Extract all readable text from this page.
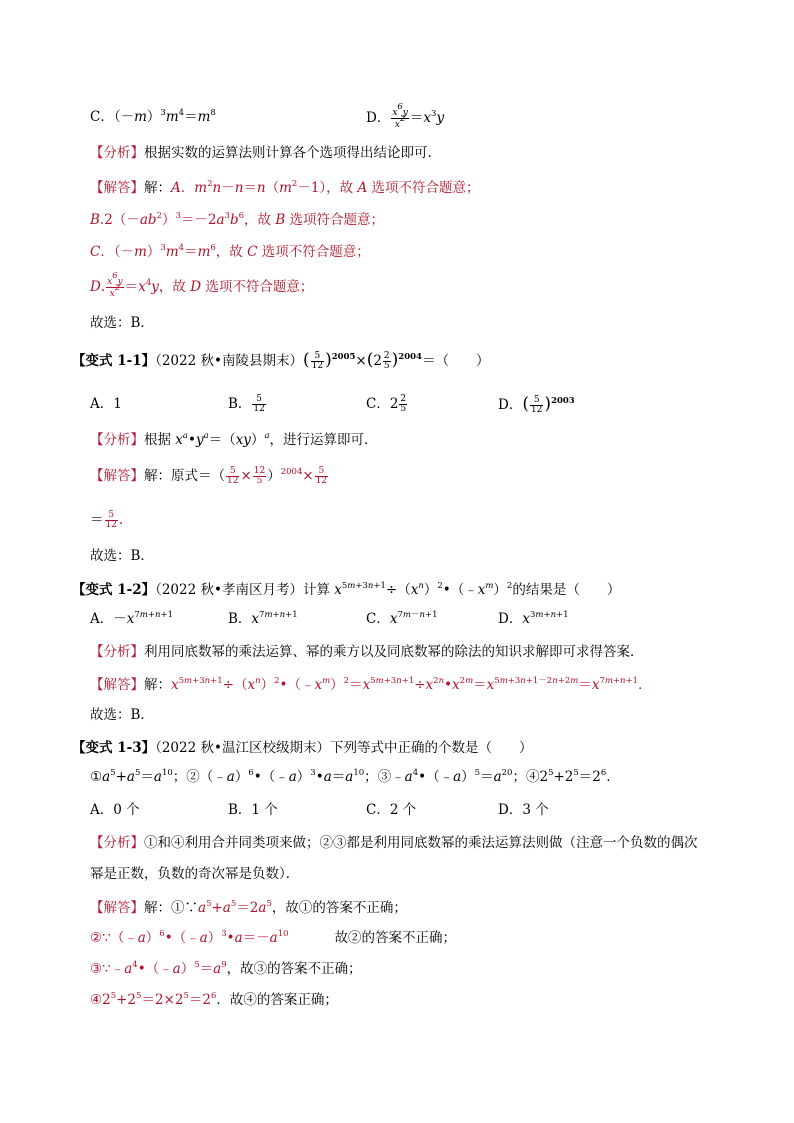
C．$(-m)^3m^4=m^8$	D． $\frac{x^6y}{x^2} =x^3y$
【分析】根据实数的运算法则计算各个选项得出结论即可．
【解答】解：A．$m^2n-n=n(m^2-1)$，故 A 选项不符合题意；
$B.2(-ab^2)^3=-2a^3b^6$，故 B 选项符合题意；
C．$(-m)^3m^4=m^6$，故 C 选项不符合题意；
D. $\frac{x^6y}{x^2} =x^4y$，故 D 选项不符合题意；
故选：B．
【变式 1-1】（2022 秋•南陵县期末）( $\frac{5}{12} )^{2005}\times(2 \frac{2}{5} )^{2004}=$（　　）
A．1	B． $\frac{5}{12}$	C．$2 \frac{2}{5}$	D．( $\frac{5}{12} )^{2003}$
【分析】根据 $x^a•y^a=(xy)^a$，进行运算即可．
【解答】解：原式＝（ $\frac{5}{12} \times \frac{12}{5} )^{2004}\times \frac{5}{12}$
＝ $\frac{5}{12}$ .
故选：B．
【变式 1-2】（2022 秋•孝南区月考）计算 $x^{5m+3n+1}\div(x^n)^2•(﹣x^m)^2$的结果是（　　）
A．$-x^{7m+n+1}$	B．$x^{7m+n+1}$	C．$x^{7m-n+1}$	D．$x^{3m+n+1}$
【分析】利用同底数幂的乘法运算、幂的乘方以及同底数幂的除法的知识求解即可求得答案．
【解答】解：$x^{5m+3n+1}\div(x^n)^2•(﹣x^m)^2=x^{5m+3n+1}\div x^{2n}•x^{2m}=x^{5m+3n+1-2n+2m}=x^{7m+n+1}$．
故选：B．
【变式 1-3】（2022 秋•温江区校级期末）下列等式中正确的个数是（　　）
$①a^5+a^5=a^{10}$；$②(﹣a)^6•(﹣a)^3•a=a^{10}$；$③﹣a^4•(﹣a)^5=a^{20}$；$④2^5+2^5=2^6$．
A．0 个	B．1 个	C．2 个	D．3 个
【分析】①和④利用合并同类项来做；②③都是利用同底数幂的乘法运算法则做（注意一个负数的偶次
幂是正数，负数的奇次幂是负数）．
【解答】解：$①\because a^5+a^5=2a^5$，故①的答案不正确；
$②\because(﹣a)^6•(﹣a)^3•a=-a^{10}$	故②的答案不正确；
$③\because﹣a^4•(﹣a)^5=a^9$，故③的答案不正确；
$④2^5+2^5=2\times 2^5=2^6$．故④的答案正确；
